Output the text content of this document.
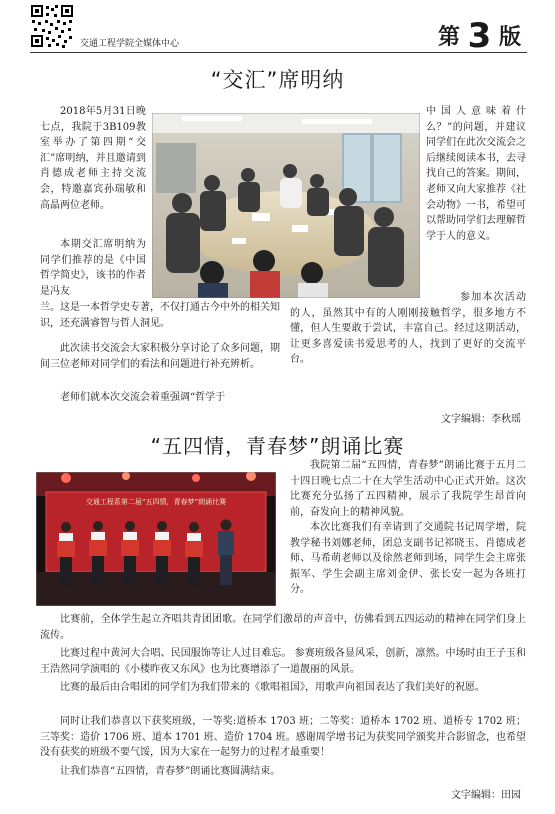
交通工程学院全媒体中心	第 3 版
“交汇”席明纳

2018年5月31日晚七点，我院于3B109教室举办了第四期“交汇”席明纳，并且邀请到肖德成老师主持交流会，特邀嘉宾孙瑞敏和高晶两位老师。

本期交汇席明纳为同学们推荐的是《中国哲学简史》，该书的作者是冯友

兰。这是一本哲学史专著，不仅打通古今中外的相关知识，还充满睿智与哲人洞见。

此次读书交流会大家积极分享讨论了众多问题，期间三位老师对同学们的看法和问题进行补充辨析。

老师们就本次交流会着重强调“哲学于

中国人意味着什么？”的问题，并建议同学们在此次交流会之后继续阅读本书，去寻找自己的答案。期间，老师又向大家推荐《社会动物》一书，希望可以帮助同学们去理解哲学于人的意义。

参加本次活动的人，虽然其中有的人刚刚接触哲学，很多地方不懂，但人生要敢于尝试，丰富自己。经过这期活动，让更多喜爱读书爱思考的人，找到了更好的交流平台。

文字编辑：李秋瑶
“五四情，青春梦”朗诵比赛
交通工程系第二届“五四情，青春梦”朗诵比赛

我院第二届“五四情，青春梦”朗诵比赛于五月二十四日晚七点二十在大学生活动中心正式开始。这次比赛充分弘扬了五四精神，展示了我院学生昂首向前，奋发向上的精神风貌。

本次比赛我们有幸请到了交通院书记周学增，院教学秘书刘娜老师，团总支副书记祁晓玉、肖德成老师、马希萌老师以及徐然老师到场，同学生会主席张振军、学生会副主席刘金伊、张长安一起为各班打分。

比赛前，全体学生起立齐唱共青团团歌。在同学们激昂的声音中，仿佛看到五四运动的精神在同学们身上流传。

比赛过程中黄河大合唱、民国服饰等让人过目难忘。 参赛班级各显风采，创新，凛然。中场时由王子玉和王浩然同学演唱的《小楼昨夜又东风》也为比赛增添了一道靓丽的风景。

比赛的最后由合唱团的同学们为我们带来的《歌唱祖国》，用歌声向祖国表达了我们美好的祝愿。

同时让我们恭喜以下获奖班级，一等奖:道桥本 1703 班；二等奖：道桥本 1702 班、道桥专 1702 班；三等奖：造价 1706 班、道本 1701 班、造价 1704 班。感谢周学增书记为获奖同学颁奖并合影留念，也希望没有获奖的班级不要气馁，因为大家在一起努力的过程才最重要！

让我们恭喜“五四情，青春梦”朗诵比赛圆满结束。

文字编辑：田园
